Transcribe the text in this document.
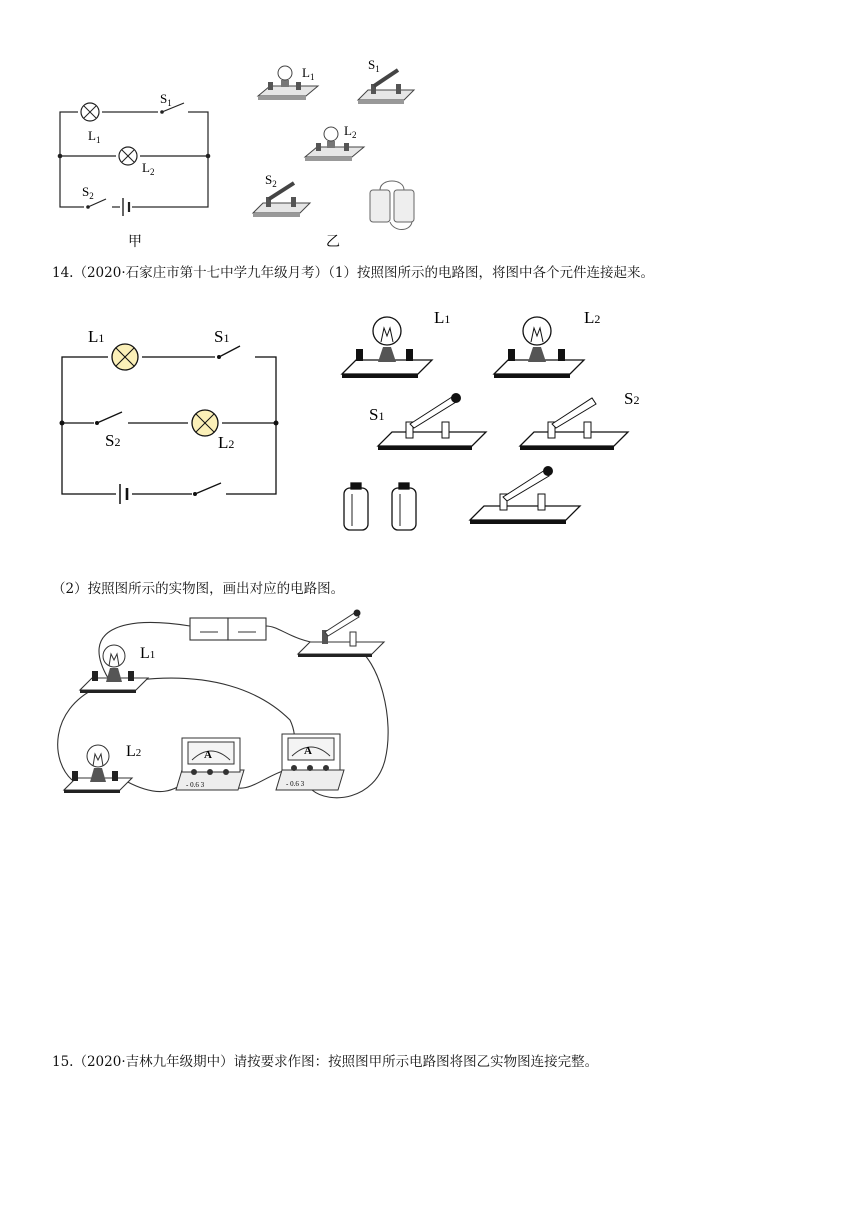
$L_1$
$S_1$
$L_2$
$S_2$
甲
$L_1$
$S_1$
$L_2$
$S_2$
乙
14.（2020·石家庄市第十七中学九年级月考）（1）按照图所示的电路图，将图中各个元件连接起来。
L1	S1
S2	L2
L1	L2
S1
S2
（2）按照图所示的实物图，画出对应的电路图。
L1
L2	A
- 0.6 3
A
- 0.6 3
15.（2020·吉林九年级期中）请按要求作图：按照图甲所示电路图将图乙实物图连接完整。
